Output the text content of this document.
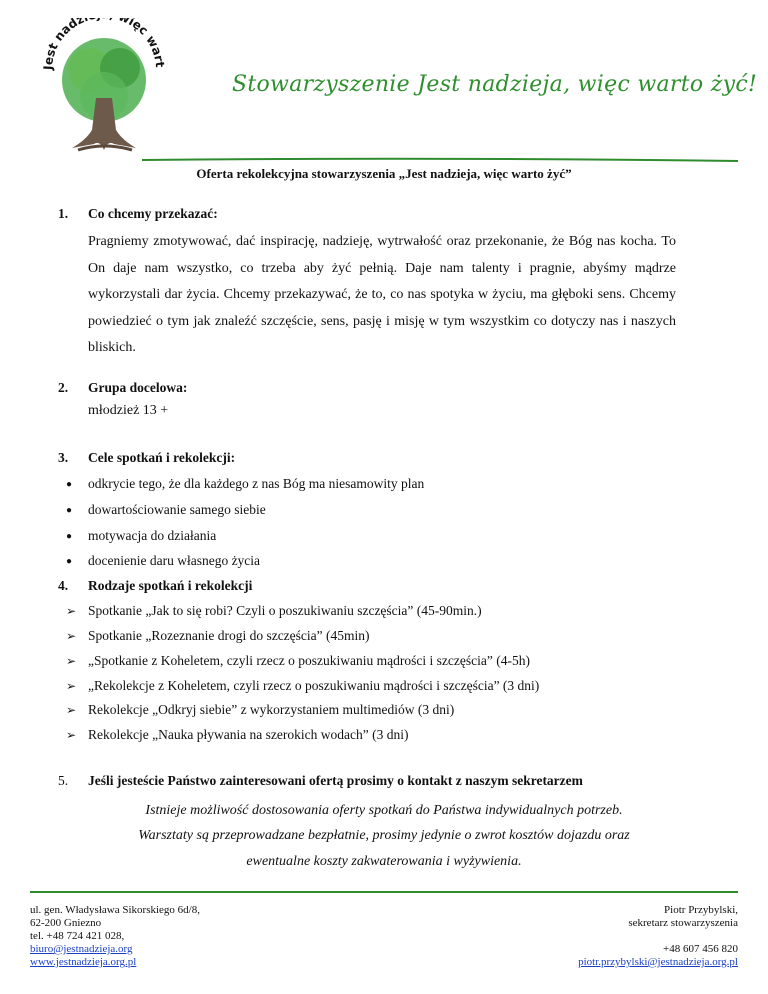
Jest nadz ięc wart
Stowarzyszenie Jest nadzieja, więc warto żyć!
Oferta rekolekcyjna stowarzyszenia „Jest nadzieja, więc warto żyć”
1. Co chcemy przekazać:
Pragniemy zmotywować, dać inspirację, nadzieję, wytrwałość oraz przekonanie, że Bóg nas kocha. To On daje nam wszystko, co trzeba aby żyć pełnią. Daje nam talenty i pragnie, abyśmy mądrze wykorzystali dar życia. Chcemy przekazywać, że to, co nas spotyka w życiu, ma głęboki sens. Chcemy powiedzieć o tym jak znaleźć szczęście, sens, pasję i misję w tym wszystkim co dotyczy nas i naszych bliskich.
2. Grupa docelowa:
młodzież 13 +
3. Cele spotkań i rekolekcji:
● odkrycie tego, że dla każdego z nas Bóg ma niesamowity plan
● dowartościowanie samego siebie
● motywacja do działania
● docenienie daru własnego życia
4. Rodzaje spotkań i rekolekcji
➢ Spotkanie „Jak to się robi? Czyli o poszukiwaniu szczęścia” (45-90min.)
➢ Spotkanie „Rozeznanie drogi do szczęścia” (45min)
➢ „Spotkanie z Koheletem, czyli rzecz o poszukiwaniu mądrości i szczęścia” (4-5h)
➢ „Rekolekcje z Koheletem, czyli rzecz o poszukiwaniu mądrości i szczęścia” (3 dni)
➢ Rekolekcje „Odkryj siebie” z wykorzystaniem multimediów (3 dni)
➢ Rekolekcje „Nauka pływania na szerokich wodach” (3 dni)
5. Jeśli jesteście Państwo zainteresowani ofertą prosimy o kontakt z naszym sekretarzem
Istnieje możliwość dostosowania oferty spotkań do Państwa indywidualnych potrzeb.
Warsztaty są przeprowadzane bezpłatnie, prosimy jedynie o zwrot kosztów dojazdu oraz
ewentualne koszty zakwaterowania i wyżywienia.
ul. gen. Władysława Sikorskiego 6d/8,
62-200 Gniezno
tel. +48 724 421 028,
biuro@jestnadzieja.org
www.jestnadzieja.org.pl
Piotr Przybylski,
sekretarz stowarzyszenia
+48 607 456 820
piotr.przybylski@jestnadzieja.org.pl
